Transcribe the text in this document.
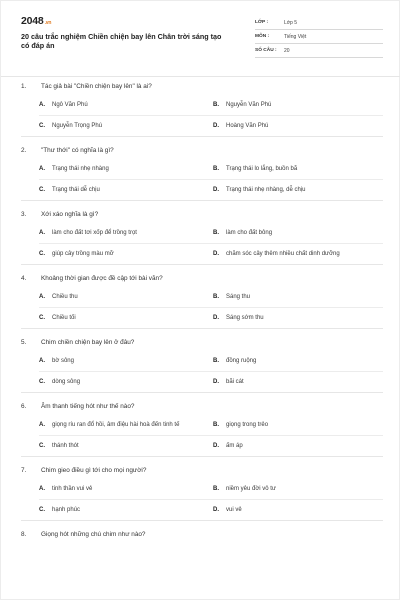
2048.vn
20 câu trắc nghiệm Chiền chiện bay lên Chân trời sáng tạo có đáp án
LỚP :	Lớp 5
MÔN :	Tiếng Việt
SỐ CÂU :	20
1.	Tác giả bài "Chiền chiện bay lên" là ai?
A.	Ngô Văn Phú	B.	Nguyễn Văn Phú
C.	Nguyễn Trọng Phú	D.	Hoàng Văn Phú
2.	"Thư thới" có nghĩa là gì?
A.	Trạng thái nhẹ nhàng	B.	Trạng thái lo lắng, buồn bã
C.	Trạng thái dễ chịu	D.	Trạng thái nhẹ nhàng, dễ chịu
3.	Xới xáo nghĩa là gì?
A.	làm cho đất tơi xốp để trồng trọt	B.	làm cho đất bông
C.	giúp cây trồng màu mỡ	D.	chăm sóc cây thêm nhiều chất dinh dưỡng
4.	Khoảng thời gian được đề cập tới bài văn?
A.	Chiều thu	B.	Sáng thu
C.	Chiều tối	D.	Sáng sớm thu
5.	Chim chiền chiện bay lên ở đâu?
A.	bờ sông	B.	đồng ruộng
C.	dòng sông	D.	bãi cát
6.	Âm thanh tiếng hót như thế nào?
A.	giọng ríu ran đổ hồi, âm điệu hài hoà đến tinh tế	B.	giọng trong trẻo
C.	thánh thót	D.	ấm áp
7.	Chim gieo điều gì tới cho mọi người?
A.	tinh thần vui vẻ	B.	niềm yêu đời vô tư
C.	hạnh phúc	D.	vui vẻ
8.	Giọng hót những chú chim như nào?
